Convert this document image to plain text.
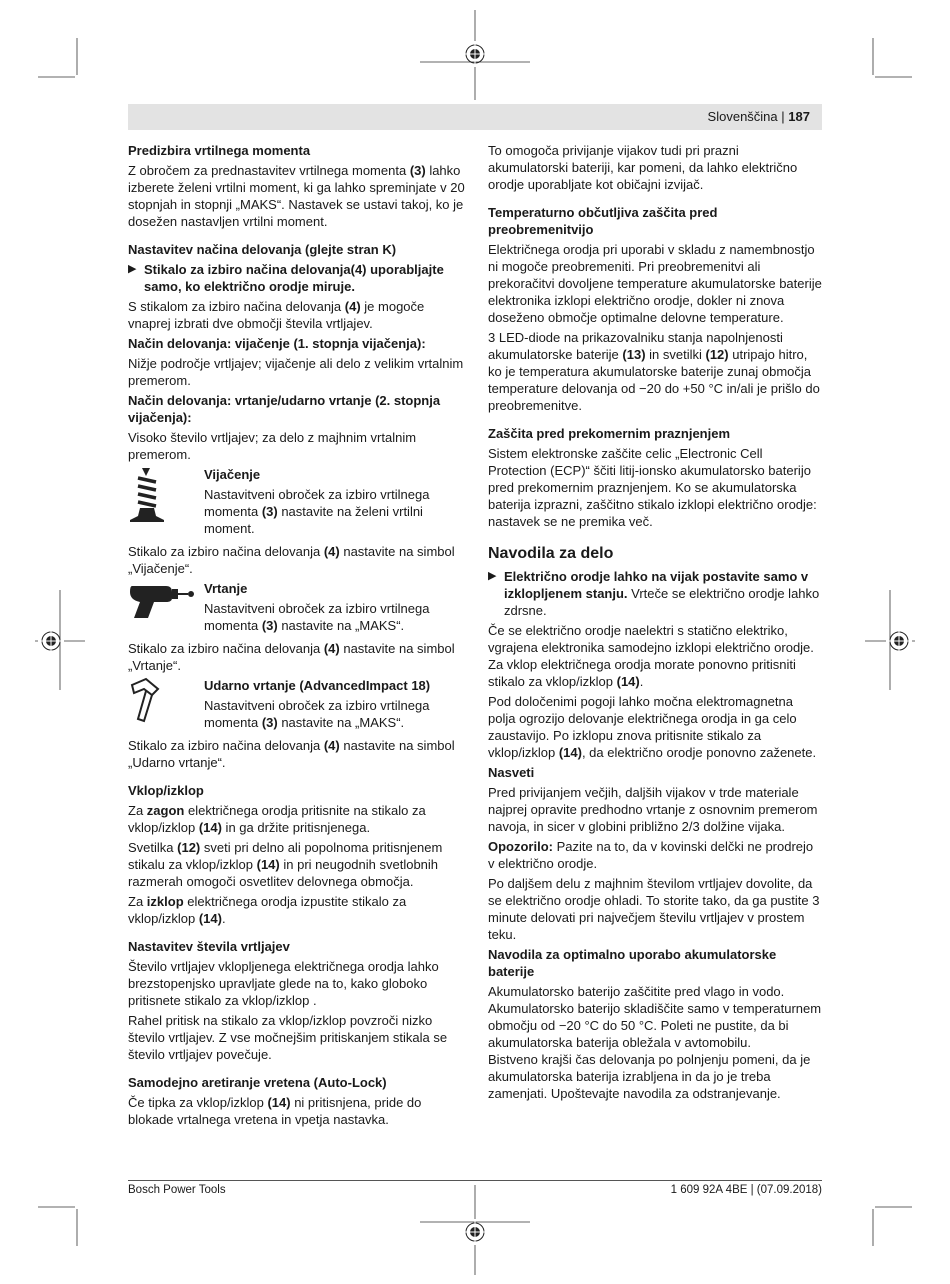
Slovenščina | 187
Predizbira vrtilnega momenta

Z obročem za prednastavitev vrtilnega momenta (3) lahko izberete želeni vrtilni moment, ki ga lahko spreminjate v 20 stopnjah in stopnji „MAKS“. Nastavek se ustavi takoj, ko je dosežen nastavljen vrtilni moment.

Nastavitev načina delovanja (glejte stran K)
▶ Stikalo za izbiro načina delovanja(4) uporabljajte samo, ko električno orodje miruje.

S stikalom za izbiro načina delovanja (4) je mogoče vnaprej izbrati dve območji števila vrtljajev.

Način delovanja: vijačenje (1. stopnja vijačenja):

Nižje področje vrtljajev; vijačenje ali delo z velikim vrtalnim premerom.

Način delovanja: vrtanje/udarno vrtanje (2. stopnja vijačenja):

Visoko število vrtljajev; za delo z majhnim vrtalnim premerom.

Vijačenje

Nastavitveni obroček za izbiro vrtilnega momenta (3) nastavite na želeni vrtilni moment.

Stikalo za izbiro načina delovanja (4) nastavite na simbol „Vijačenje“.

Vrtanje

Nastavitveni obroček za izbiro vrtilnega momenta (3) nastavite na „MAKS“.

Stikalo za izbiro načina delovanja (4) nastavite na simbol „Vrtanje“.

Udarno vrtanje (AdvancedImpact 18)

Nastavitveni obroček za izbiro vrtilnega momenta (3) nastavite na „MAKS“.

Stikalo za izbiro načina delovanja (4) nastavite na simbol „Udarno vrtanje“.

Vklop/izklop

Za zagon električnega orodja pritisnite na stikalo za vklop/izklop (14) in ga držite pritisnjenega.

Svetilka (12) sveti pri delno ali popolnoma pritisnjenem stikalu za vklop/izklop (14) in pri neugodnih svetlobnih razmerah omogoči osvetlitev delovnega območja.

Za izklop električnega orodja izpustite stikalo za vklop/izklop (14).

Nastavitev števila vrtljajev

Število vrtljajev vklopljenega električnega orodja lahko brezstopenjsko upravljate glede na to, kako globoko pritisnete stikalo za vklop/izklop .

Rahel pritisk na stikalo za vklop/izklop povzroči nizko število vrtljajev. Z vse močnejšim pritiskanjem stikala se število vrtljajev povečuje.

Samodejno aretiranje vretena (Auto-Lock)

Če tipka za vklop/izklop (14) ni pritisnjena, pride do blokade vrtalnega vretena in vpetja nastavka.

To omogoča privijanje vijakov tudi pri prazni akumulatorski bateriji, kar pomeni, da lahko električno orodje uporabljate kot običajni izvijač.

Temperaturno občutljiva zaščita pred preobremenitvijo

Električnega orodja pri uporabi v skladu z namembnostjo ni mogoče preobremeniti. Pri preobremenitvi ali prekoračitvi dovoljene temperature akumulatorske baterije elektronika izklopi električno orodje, dokler ni znova doseženo območje optimalne delovne temperature.

3 LED-diode na prikazovalniku stanja napolnjenosti akumulatorske baterije (13) in svetilki (12) utripajo hitro, ko je temperatura akumulatorske baterije zunaj območja temperature delovanja od −20 do +50 °C in/ali je prišlo do preobremenitve.

Zaščita pred prekomernim praznjenjem

Sistem elektronske zaščite celic „Electronic Cell Protection (ECP)“ ščiti litij-ionsko akumulatorsko baterijo pred prekomernim praznjenjem. Ko se akumulatorska baterija izprazni, zaščitno stikalo izklopi električno orodje: nastavek se ne premika več.

Navodila za delo
▶ Električno orodje lahko na vijak postavite samo v izklopljenem stanju. Vrteče se električno orodje lahko zdrsne.

Če se električno orodje naelektri s statično elektriko, vgrajena elektronika samodejno izklopi električno orodje. Za vklop električnega orodja morate ponovno pritisniti stikalo za vklop/izklop (14).

Pod določenimi pogoji lahko močna elektromagnetna polja ogrozijo delovanje električnega orodja in ga celo zaustavijo. Po izklopu znova pritisnite stikalo za vklop/izklop (14), da električno orodje ponovno zaženete.

Nasveti

Pred privijanjem večjih, daljših vijakov v trde materiale najprej opravite predhodno vrtanje z osnovnim premerom navoja, in sicer v globini približno 2/3 dolžine vijaka.

Opozorilo: Pazite na to, da v kovinski delčki ne prodrejo v električno orodje.

Po daljšem delu z majhnim številom vrtljajev dovolite, da se električno orodje ohladi. To storite tako, da ga pustite 3 minute delovati pri največjem številu vrtljajev v prostem teku.

Navodila za optimalno uporabo akumulatorske baterije

Akumulatorsko baterijo zaščitite pred vlago in vodo.

Akumulatorsko baterijo skladiščite samo v temperaturnem območju od −20 °C do 50 °C. Poleti ne pustite, da bi akumulatorska baterija obležala v avtomobilu.

Bistveno krajši čas delovanja po polnjenju pomeni, da je akumulatorska baterija izrabljena in da jo je treba zamenjati. Upoštevajte navodila za odstranjevanje.

Bosch Power Tools	1 609 92A 4BE | (07.09.2018)
